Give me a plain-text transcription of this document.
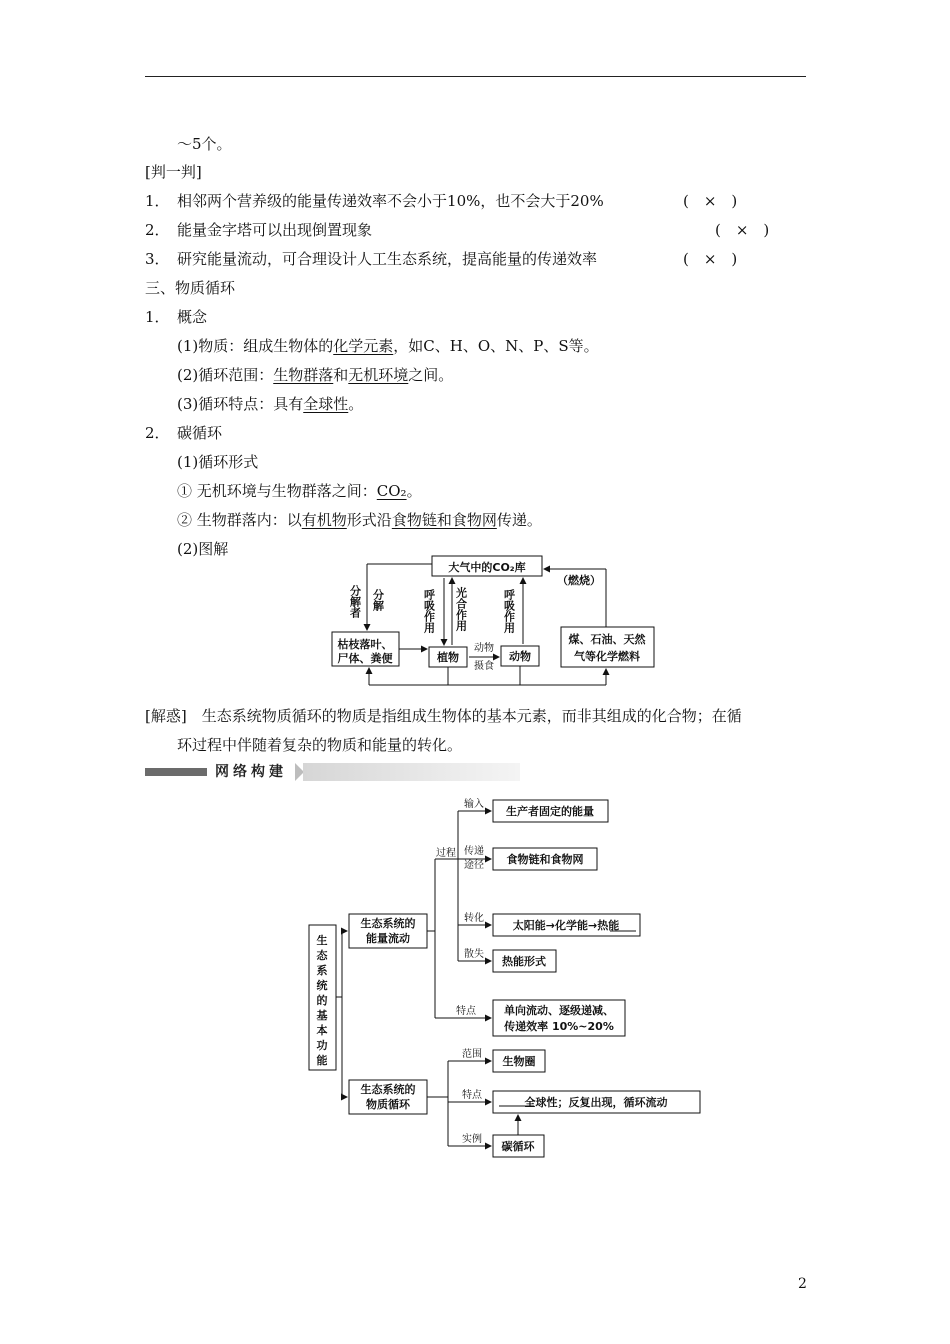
～5个。
[判一判]
1．　相邻两个营养级的能量传递效率不会小于10%，也不会大于20%	(　×　)
2．　能量金字塔可以出现倒置现象	(　×　)
3．　研究能量流动，可合理设计人工生态系统，提高能量的传递效率	(　×　)
三、物质循环
1．　概念
(1)物质：组成生物体的化学元素，如C、H、O、N、P、S等。
(2)循环范围：生物群落和无机环境之间。
(3)循环特点：具有全球性。
2．　碳循环
(1)循环形式
① 无机环境与生物群落之间：CO₂。
② 生物群落内：以有机物形式沿食物链和食物网传递。
(2)图解
大气中的CO₂库
（燃烧）
枯枝落叶、
尸体、粪便	植物	动物
煤、石油、天然
气等化学燃料
动物
摄食
分解者 分解	呼吸作用 光合作用	呼吸作用
[解惑]　 生态系统物质循环的物质是指组成生物体的基本元素，而非其组成的化合物；在循
环过程中伴随着复杂的物质和能量的转化。
网络构建
生
态
系
统
的
基
本
功
能
生态系统的
能量流动
生态系统的
物质循环
生产者固定的能量
食物链和食物网
太阳能→化学能→热能
热能形式
单向流动、逐级递减、
传递效率 10%~20%
生物圈
全球性；反复出现，循环流动
碳循环
过程
输入
传递
途径
转化
散失
特点
范围
特点
实例
2
